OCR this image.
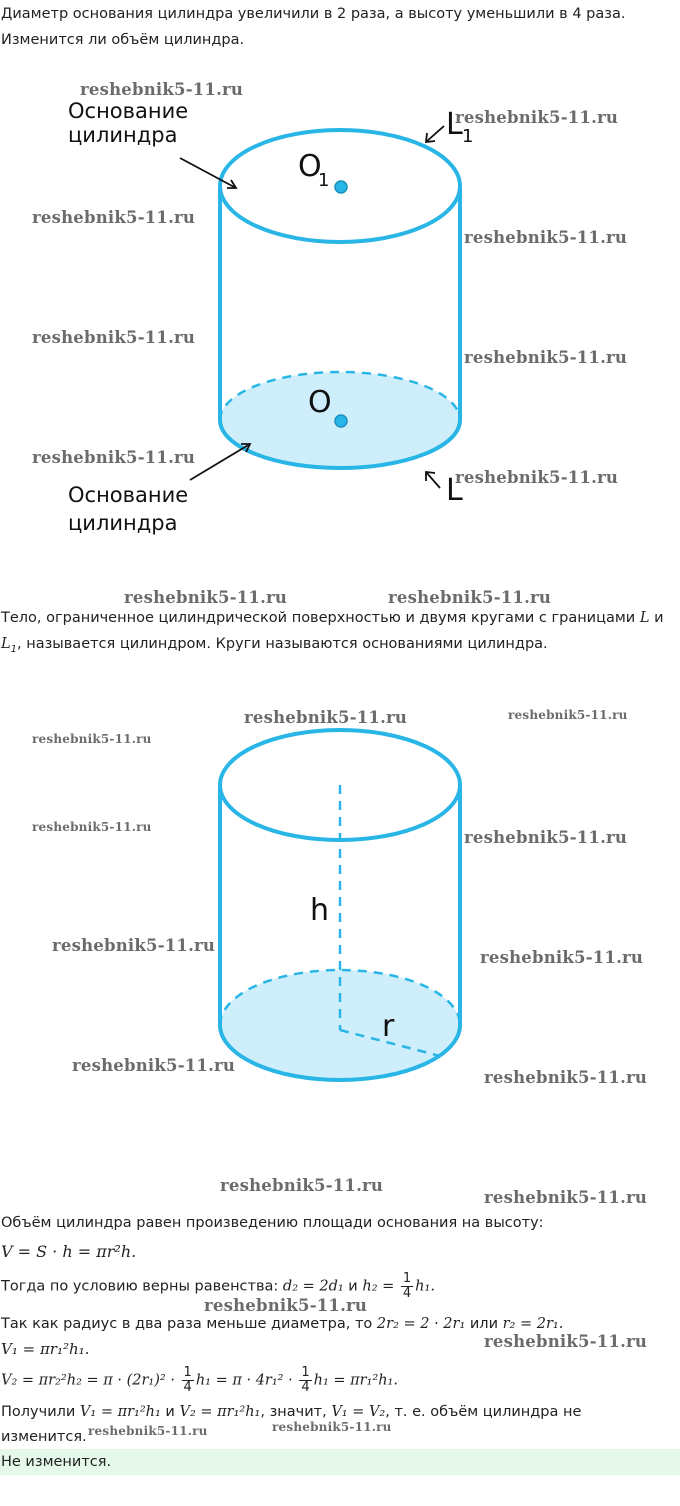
Диаметр основания цилиндра увеличили в 2 раза, а высоту уменьшили в 4 раза.
Изменится ли объём цилиндра.
O
1
O
L 1
L
Основание
цилиндра
Основание
цилиндра
Тело, ограниченное цилиндрической поверхностью и двумя кругами с границами L и
$L_1$, называется цилиндром. Круги называются основаниями цилиндра.
h
r
Объём цилиндра равен произведению площади основания на высоту:
V = S · h = πr²h.
Тогда по условию верны равенства: d₂ = 2d₁ и $h_2 = \frac{1}{4} h_1$.
Так как радиус в два раза меньше диаметра, то 2r₂ = 2 · 2r₁ или r₂ = 2r₁.
V₁ = πr₁²h₁.
$V_2 = \pi r_2^2h_2 = \pi \cdot (2r_1)^2 \cdot \frac{1}{4} h_1 = \pi \cdot 4r_1^2 \cdot \frac{1}{4} h_1 = \pi r_1^2h_1$.
Получили V₁ = πr₁²h₁ и V₂ = πr₁²h₁, значит, V₁ = V₂, т. е. объём цилиндра не
изменится.
Не изменится.
reshebnik5-11.ru
reshebnik5-11.ru
reshebnik5-11.ru
reshebnik5-11.ru
reshebnik5-11.ru
reshebnik5-11.ru
reshebnik5-11.ru
reshebnik5-11.ru
reshebnik5-11.ru	reshebnik5-11.ru
reshebnik5-11.ru	reshebnik5-11.ru
reshebnik5-11.ru
reshebnik5-11.ru
reshebnik5-11.ru
reshebnik5-11.ru
reshebnik5-11.ru
reshebnik5-11.ru
reshebnik5-11.ru
reshebnik5-11.ru
reshebnik5-11.ru
reshebnik5-11.ru
reshebnik5-11.ru
reshebnik5-11.ru	reshebnik5-11.ru
